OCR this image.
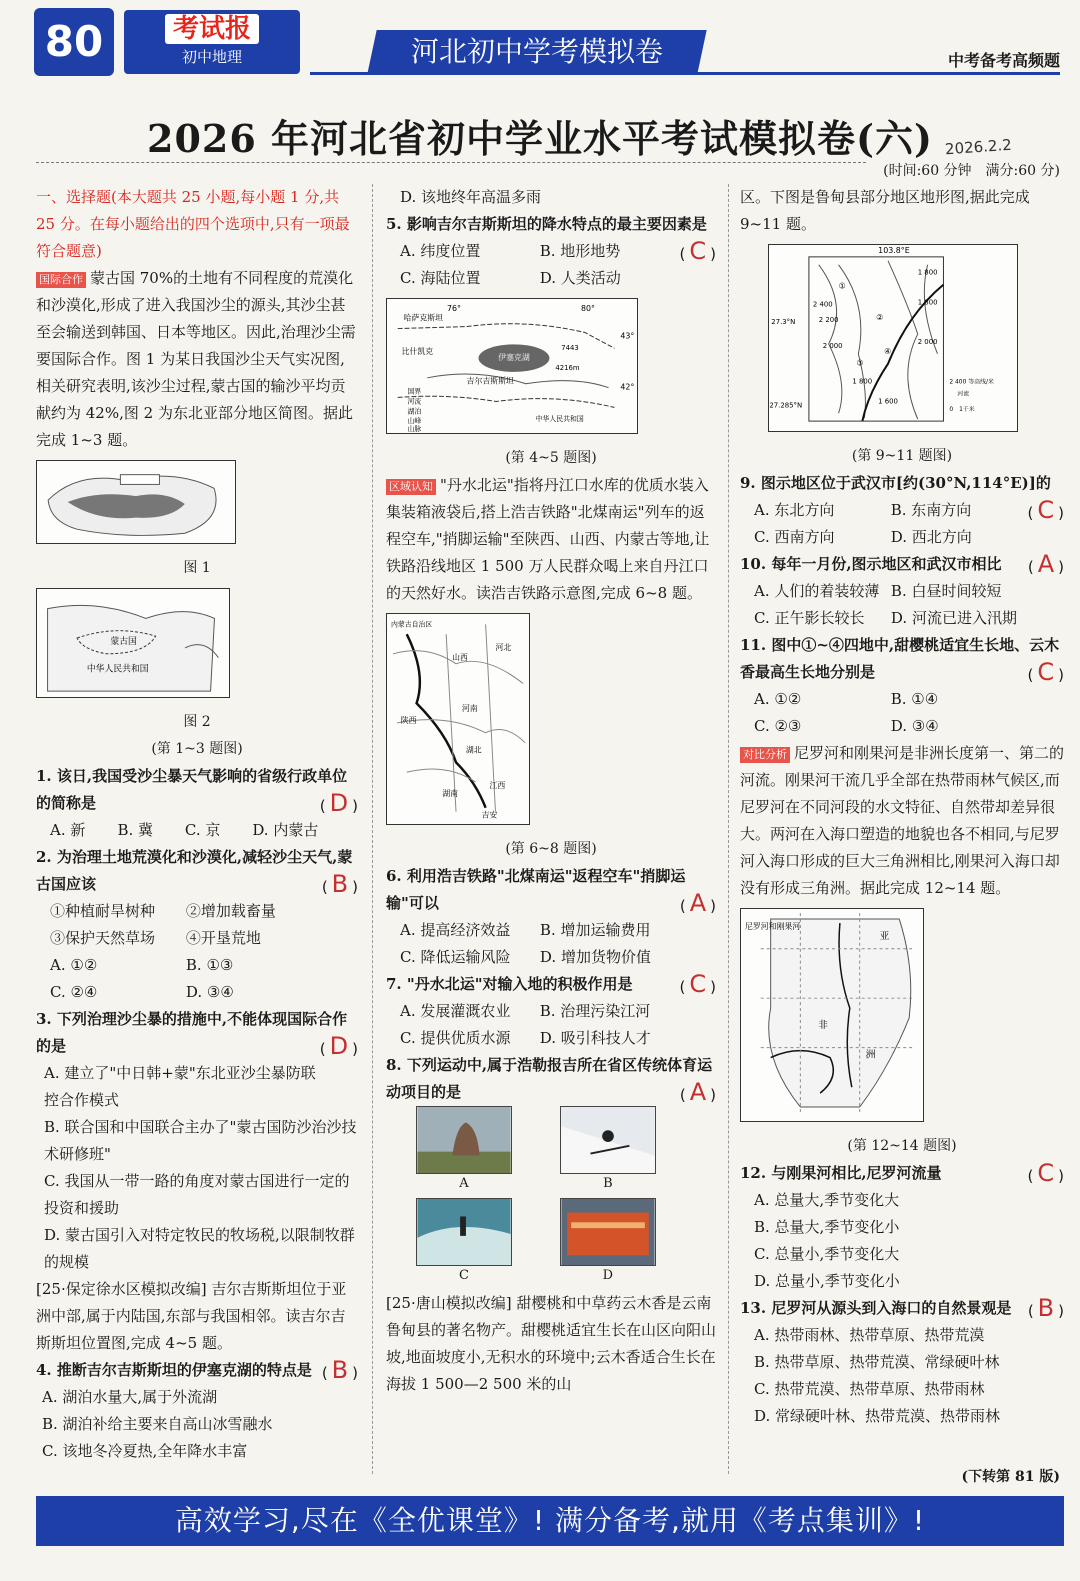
80	考试报
初中地理	河北初中学考模拟卷	中考备考高频题
2026 年河北省初中学业水平考试模拟卷(六) 2026.2.2
(时间:60 分钟　满分:60 分)
一、选择题(本大题共 25 小题,每小题 1 分,共 25 分。在每小题给出的四个选项中,只有一项最符合题意)
国际合作 蒙古国 70%的土地有不同程度的荒漠化和沙漠化,形成了进入我国沙尘的源头,其沙尘甚至会输送到韩国、日本等地区。因此,治理沙尘需要国际合作。图 1 为某日我国沙尘天气实况图,相关研究表明,该沙尘过程,蒙古国的输沙平均贡献约为 42%,图 2 为东北亚部分地区简图。据此完成 1~3 题。
图 1
蒙古国
中华人民共和国
图 2
(第 1~3 题图)
1. 该日,我国受沙尘暴天气影响的省级行政单位的简称是	( D )
A. 新	B. 冀	C. 京	D. 内蒙古
2. 为治理土地荒漠化和沙漠化,减轻沙尘天气,蒙古国应该	( B )
①种植耐旱树种	②增加载畜量
③保护天然草场	④开垦荒地
A. ①②	B. ①③
C. ②④	D. ③④
3. 下列治理沙尘暴的措施中,不能体现国际合作的是	( D )
A. 建立了"中日韩+蒙"东北亚沙尘暴防联控合作模式
B. 联合国和中国联合主办了"蒙古国防沙治沙技术研修班"
C. 我国从一带一路的角度对蒙古国进行一定的投资和援助
D. 蒙古国引入对特定牧民的牧场税,以限制牧群的规模
[25·保定徐水区模拟改编] 吉尔吉斯斯坦位于亚洲中部,属于内陆国,东部与我国相邻。读吉尔吉斯斯坦位置图,完成 4~5 题。
4. 推断吉尔吉斯斯坦的伊塞克湖的特点是 ( B )
A. 湖泊水量大,属于外流湖
B. 湖泊补给主要来自高山冰雪融水
C. 该地冬冷夏热,全年降水丰富
D. 该地终年高温多雨
5. 影响吉尔吉斯斯坦的降水特点的最主要因素是
( C )
A. 纬度位置	B. 地形地势
C. 海陆位置	D. 人类活动
76°	80°
43°
42°
哈萨克斯坦
比什凯克
伊塞克湖
吉尔吉斯斯坦
中华人民共和国
7443
4216m
国界
河流
湖泊
山峰
山脉
(第 4~5 题图)
区域认知 "丹水北运"指将丹江口水库的优质水装入集装箱液袋后,搭上浩吉铁路"北煤南运"列车的返程空车,"捎脚运输"至陕西、山西、内蒙古等地,让铁路沿线地区 1 500 万人民群众喝上来自丹江口的天然好水。读浩吉铁路示意图,完成 6~8 题。
内蒙古自治区
山西
河北
陕西
河南
湖北
湖南
江西
吉安
(第 6~8 题图)
6. 利用浩吉铁路"北煤南运"返程空车"捎脚运输"可以	( A )
A. 提高经济效益	B. 增加运输费用
C. 降低运输风险	D. 增加货物价值
7. "丹水北运"对输入地的积极作用是	( C )
A. 发展灌溉农业	B. 治理污染江河
C. 提供优质水源	D. 吸引科技人才
8. 下列运动中,属于浩勒报吉所在省区传统体育运动项目的是	( A )
A	B
C	D
[25·唐山模拟改编] 甜樱桃和中草药云木香是云南鲁甸县的著名物产。甜樱桃适宜生长在山区向阳山坡,地面坡度小,无积水的环境中;云木香适合生长在海拔 1 500—2 500 米的山
区。下图是鲁甸县部分地区地形图,据此完成 9~11 题。
103.8°E
27.3°N
27.285°N
1 800
1 800
2 400
2 200
2 000
1 800
1 600
2 000
①
②
③
④
2 400 等高线/米
河流
0　1千米
(第 9~11 题图)
9. 图示地区位于武汉市[约(30°N,114°E)]的
( C )
A. 东北方向	B. 东南方向
C. 西南方向	D. 西北方向
10. 每年一月份,图示地区和武汉市相比 ( A )
A. 人们的着装较薄 B. 白昼时间较短
C. 正午影长较长	D. 河流已进入汛期
11. 图中①~④四地中,甜樱桃适宜生长地、云木香最高生长地分别是	( C )
A. ①②	B. ①④
C. ②③	D. ③④
对比分析 尼罗河和刚果河是非洲长度第一、第二的河流。刚果河干流几乎全部在热带雨林气候区,而尼罗河在不同河段的水文特征、自然带却差异很大。两河在入海口塑造的地貌也各不相同,与尼罗河入海口形成的巨大三角洲相比,刚果河入海口却没有形成三角洲。据此完成 12~14 题。
尼罗河和刚果河
非
洲
亚
(第 12~14 题图)
12. 与刚果河相比,尼罗河流量	( C )
A. 总量大,季节变化大
B. 总量大,季节变化小
C. 总量小,季节变化大
D. 总量小,季节变化小
13. 尼罗河从源头到入海口的自然景观是 ( B )
A. 热带雨林、热带草原、热带荒漠
B. 热带草原、热带荒漠、常绿硬叶林
C. 热带荒漠、热带草原、热带雨林
D. 常绿硬叶林、热带荒漠、热带雨林
(下转第 81 版)
高效学习,尽在《全优课堂》! 满分备考,就用《考点集训》!
